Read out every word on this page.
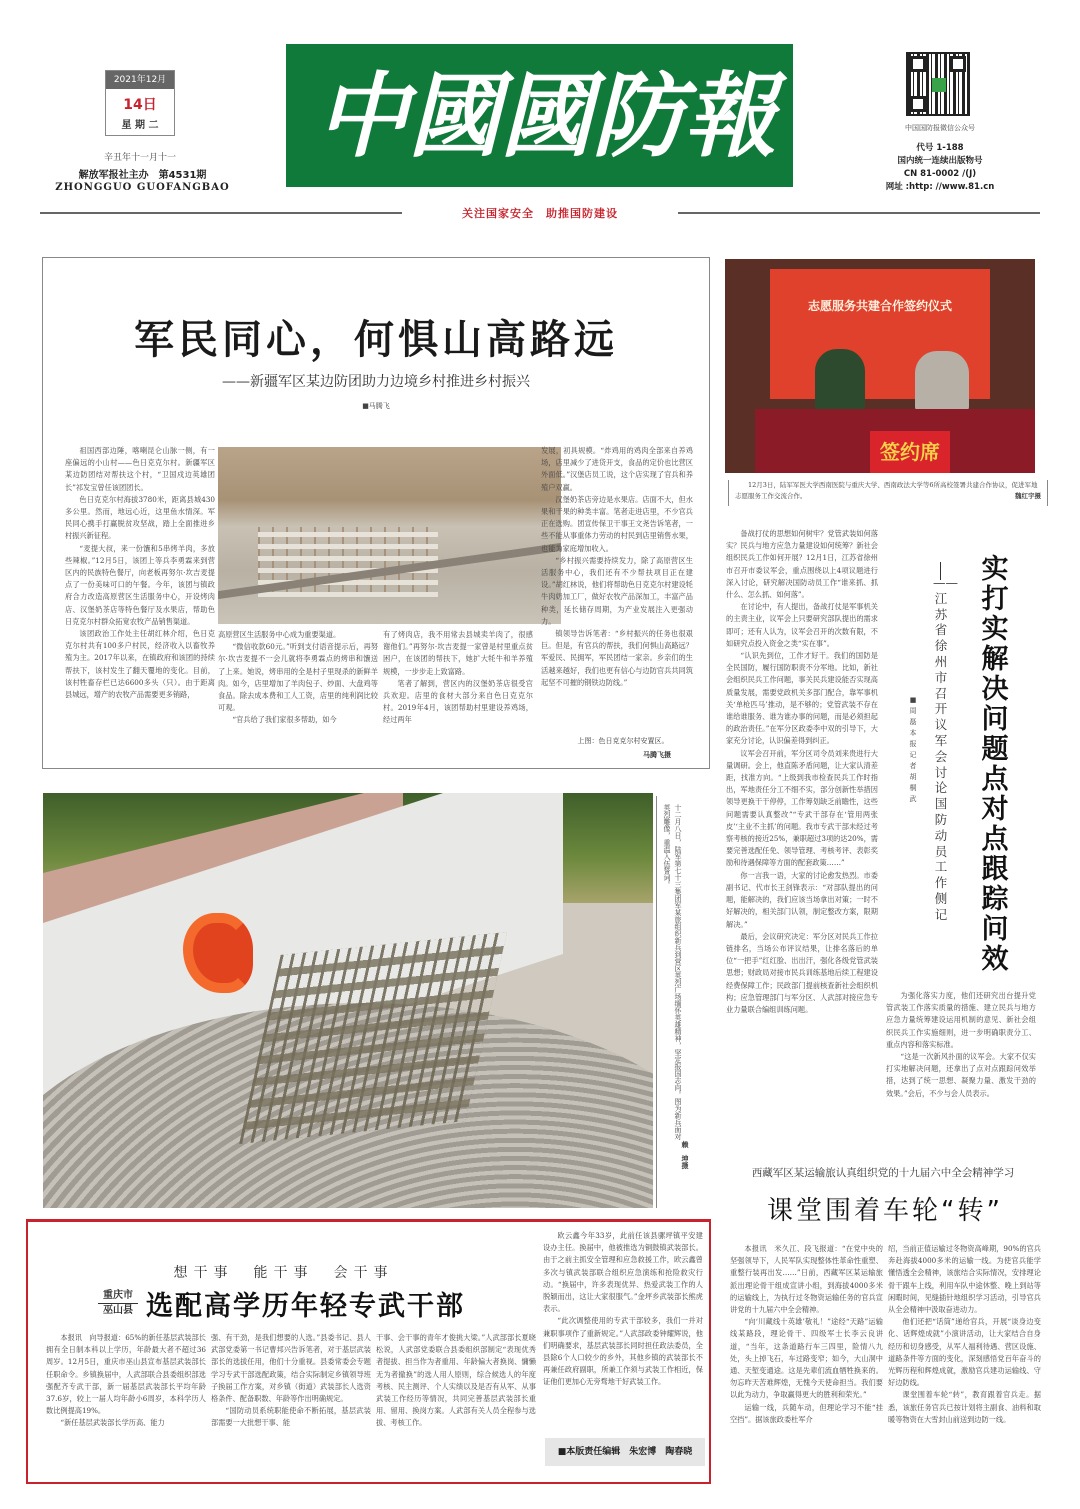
2021年12月
14日
星 期 二
辛丑年十一月十一
解放军报社主办　第4531期
ZHONGGUO GUOFANGBAO
中 國 國 防 報	中国国防报微信公众号
代号 1-188
国内统一连续出版物号
CN 81-0002 /(J)
网址 :http: //www.81.cn
关注国家安全　助推国防建设
军民同心，何惧山高路远
——新疆军区某边防团助力边境乡村推进乡村振兴
■马腾飞

祖国西部边陲，喀喇昆仑山脉一侧，有一座偏远的小山村——色日克克尔村。新疆军区某边防团结对帮扶这个村，“卫国戍边英雄团长”祁发宝曾任该团团长。

色日克克尔村海拔3780米，距离县城430多公里。然而，地远心近，这里鱼水情深。军民同心携手打赢脱贫攻坚战，踏上全面推进乡村振兴新征程。

“麦提大叔，来一份馕和5串烤羊肉，多放些辣椒。”12月5日，该团上等兵李勇霖来到营区内的民族特色餐厅，向老板再努尔·坎吉麦提点了一份美味可口的午餐。今年，该团与镇政府合力改造高原营区生活服务中心，开设烤肉店、汉堡奶茶店等特色餐厅及水果店，帮助色日克克尔村群众拓宽农牧产品销售渠道。

该团政治工作处主任胡红林介绍，色日克克尔村共有100多户村民，经济收入以畜牧养殖为主。2017年以来，在镇政府和该团的持续帮扶下，该村发生了翻天覆地的变化。目前，该村牲畜存栏已达6600多头（只）。由于距离县城远，增产的农牧产品需要更多销路，

高原营区生活服务中心成为重要渠道。

“微信收款60元。”听到支付语音提示后，再努尔·坎吉麦提不一会儿就将李勇霖点的烤串和馕送了上来。她说，烤串用的全是村子里现杀的新鲜羊肉。如今，店里增加了羊肉包子、炒面、大盘鸡等食品。除去成本费和工人工资，店里的纯利润比较可观。

“官兵给了我们家很多帮助，如今

有了烤肉店，我不用常去县城卖羊肉了，很感谢他们。”再努尔·坎吉麦提一家曾是村里重点贫困户，在该团的帮扶下，她扩大牦牛和羊养殖规模，一步步走上致富路。

笔者了解到，营区内的汉堡奶茶店很受官兵欢迎。店里的食材大部分来自色日克克尔村。2019年4月，该团帮助村里建设养鸡场，经过两年

发展，初具规模。“炸鸡用的鸡肉全部来自养鸡场，店里减少了进货开支，食品的定价也比营区外面低。”汉堡店员工说，这个店实现了官兵和养殖户双赢。

汉堡奶茶店旁边是水果店。店面不大，但水果和干果的种类丰富。笔者走进店里，不少官兵正在选购。团宣传保卫干事王文尧告诉笔者，一些不能从事重体力劳动的村民到店里销售水果，也能为家庭增加收入。

“乡村振兴需要持续发力，除了高原营区生活服务中心，我们还有不少帮扶项目正在建设。”胡红林说，他们将帮助色日克克尔村建设牦牛肉奶加工厂，做好农牧产品深加工，丰富产品种类，延长储存周期，为产业发展注入更强动力。

镇领导告诉笔者：“乡村振兴的任务也很艰巨。但是，有官兵的帮扶，我们何惧山高路远？军爱民、民拥军，军民团结一家亲。乡亲们的生活越来越好，我们也更有信心与边防官兵共同筑起坚不可摧的钢铁边防线。”

上图：色日克克尔村安置区。
马腾飞摄
志愿服务共建合作签约仪式
签约席
12月3日，陆军军医大学西南医院与重庆大学、西南政法大学等6所高校签署共建合作协议，促进军地志愿服务工作交流合作。	魏红宇摄
实打实解决问题　点对点跟踪问效
——江苏省徐州市召开议军会讨论国防动员工作侧记
■周　磊　本报记者　胡桐武

备战打仗的思想如何树牢？党管武装如何落实？民兵与地方应急力量建设如何统筹？新社会组织民兵工作如何开展？12月1日，江苏省徐州市召开市委议军会，重点围绕以上4项议题进行深入讨论，研究解决国防动员工作“谁来抓、抓什么、怎么抓、如何落”。

在讨论中，有人提出，备战打仗是军事机关的主责主业，议军会上只要研究部队提出的需求即可；还有人认为，议军会召开的次数有限，不如研究点投入资金之类“实在事”。

“认识先到位，工作才好干。我们的国防是全民国防，履行国防职责不分军地。比如，新社会组织民兵工作问题，事关民兵建设能否实现高质量发展，需要党政机关多部门配合，靠军事机关‘单枪匹马’推动，是不够的；党管武装不存在谁给谁服务、谁为谁办事的问题，而是必须担起的政治责任。”在军分区政委李中双的引导下，大家充分讨论，认识偏差得到纠正。

议军会召开前，军分区司令员刘来贵进行大量调研。会上，他直陈矛盾问题，让大家认清差距，找准方向。“上级到我市检查民兵工作时指出，军地责任分工不细不实，部分创新性举措因领导更换干干停停，工作筹划缺乏前瞻性，这些问题需要认真整改”“专武干部存在‘管用两张皮’‘主业不主抓’的问题。我市专武干部未经过考察考核的接近25%，兼职超过3项的达20%，需要完善选配任免、领导管理、考核考评、表彰奖励和待遇保障等方面的配套政策……”

你一言我一语，大家的讨论愈发热烈。市委副书记、代市长王剑锋表示：“对部队提出的问题，能解决的，我们应该当场拿出对策；一时不好解决的，相关部门认领，制定整改方案，限期解决。”

最后，会议研究决定：军分区对民兵工作拉链排名，当场公布评议结果，让排名落后的单位“一把手”红红脸、出出汗，强化各级党管武装思想；财政局对接市民兵训练基地后续工程建设经费保障工作；民政部门提前核查新社会组织机构；应急管理部门与军分区、人武部对接应急专业力量联合编组训练问题。

为强化落实力度，他们还研究出台提升党管武装工作落实质量的措施、建立民兵与地方应急力量统筹建设运用机制的意见、新社会组织民兵工作实施细则，进一步明确职责分工、重点内容和落实标准。

“这是一次新风扑面的议军会。大家不仅实打实地解决问题，还拿出了点对点跟踪问效举措，达到了统一思想、凝聚力量、激发干劲的效果。”会后，不少与会人员表示。

十二月八日，陆军第七十三集团军某旅组织新兵到营区英烈广场缅怀英雄精神，坚定报国志向。图为新兵面对英烈雕像，重温入伍誓词。
赖　坤摄
想干事　能干事　会干事
重庆市
巫山县 选配高学历年轻专武干部

本报讯　向导报道：65%的新任基层武装部长拥有全日制本科以上学历，年龄最大者不超过36周岁。12月5日，重庆市巫山县宣布基层武装部长任职命令。乡镇换届中，人武部联合县委组织部选强配齐专武干部，新一届基层武装部长平均年龄37.6岁，较上一届人均年龄小6周岁，本科学历人数比例提高19%。

“新任基层武装部长学历高、能力

强、有干劲，是我们想要的人选。”县委书记、县人武部党委第一书记曹邦兴告诉笔者，对于基层武装部长的选拔任用，他们十分重视。县委常委会专题学习专武干部选配政策，结合实际制定乡镇领导班子换届工作方案，对乡镇（街道）武装部长人选资格条件、配备职数、年龄等作出明确规定。

“国防动员系统职能使命不断拓展，基层武装部需要一大批想干事、能

干事、会干事的青年才俊挑大梁。”人武部部长夏晓松说，人武部党委联合县委组织部制定“表现优秀者提拔、担当作为者重用、年龄偏大者换岗、慵懒无为者撤换”的选人用人原则，综合候选人的年度考核、民主测评、个人实绩以及是否有从军、从事武装工作经历等情况，共同完善基层武装部长重用、留用、换岗方案。人武部有关人员全程参与选拔、考核工作。

欧云鑫今年33岁，此前任该县骡坪镇平安建设办主任。换届中，他被推选为铜鼓镇武装部长。由于之前主抓安全管理和应急救援工作，欧云鑫曾多次与镇武装部联合组织应急演练和抢险救灾行动。“换届中，许多表现优异、热爱武装工作的人脱颖而出，这让大家很服气。”金坪乡武装部长熊虎表示。

“此次调整使用的专武干部较多，我们一并对兼职事项作了重新规定。”人武部政委钟耀辉说，他们明确要求，基层武装部长同时担任政法委员，全县除6个人口较少的乡外，其他乡镇的武装部长不再兼任政府副职，所兼工作须与武装工作相近，保证他们更加心无旁骛地干好武装工作。

■本版责任编辑　朱宏博　陶春晓
西藏军区某运输旅认真组织党的十九届六中全会精神学习
课堂围着车轮“转”

本报讯　米久江、段飞报道：“在党中央的坚强领导下，人民军队实现整体性革命性重塑、重整行装再出发……”日前，西藏军区某运输旅派出理论骨干组成宣讲小组，到海拔4000多米的运输线上，为执行过冬物资运输任务的官兵宣讲党的十九届六中全会精神。

“向‘川藏线十英雄’敬礼！”途经“天路”运输线某路段，理论骨干、四级军士长李云良讲道，“当年，这条道路行车三四里，险情八九处，头上掉飞石，车过路变窄；如今，大山洞中通、天堑变通途。这是先辈们流血牺牲换来的。勿忘昨天苦难辉煌，无愧今天使命担当。我们要以此为动力，争取赢得更大的胜利和荣光。”

运输一线，兵随车动，但理论学习不能“挂空挡”。据该旅政委杜军介

绍，当前正值运输过冬物资高峰期，90%的官兵奔赴海拔4000多米的运输一线。为使官兵能学懂悟透全会精神，该旅结合实际情况，安排理论骨干跟车上线，利用车队中途休整、晚上到站等闲暇时间，见缝插针地组织学习活动，引导官兵从全会精神中汲取奋进动力。

他们还把“话筒”递给官兵，开展“谈身边变化、话辉煌成就”小演讲活动，让大家结合自身经历和切身感受，从军人福利待遇、营区设施、道路条件等方面的变化，深刻感悟党百年奋斗的光辉历程和辉煌成就，激励官兵建功运输线、守好边防线。

课堂围着车轮“转”，教育跟着官兵走。据悉，该旅任务官兵已按计划将主副食、油料和取暖等物资在大雪封山前送到边防一线。
